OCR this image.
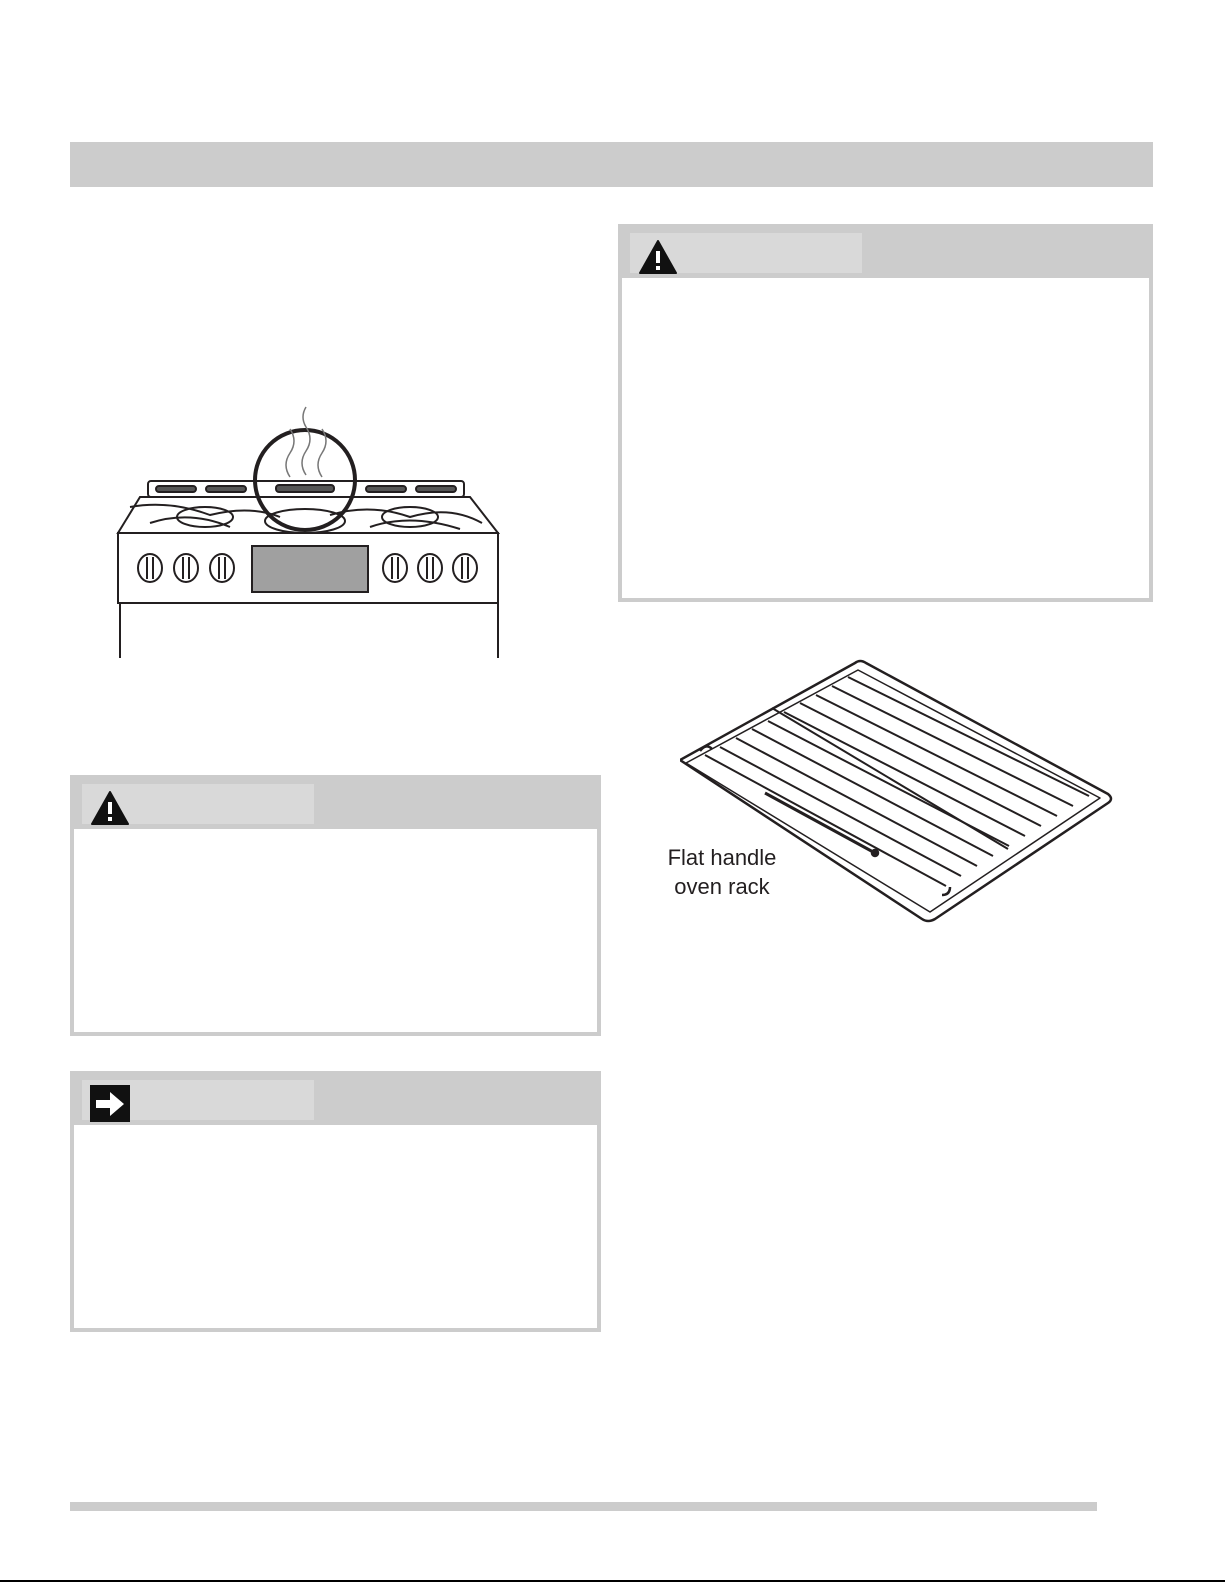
Flat handle
oven rack
